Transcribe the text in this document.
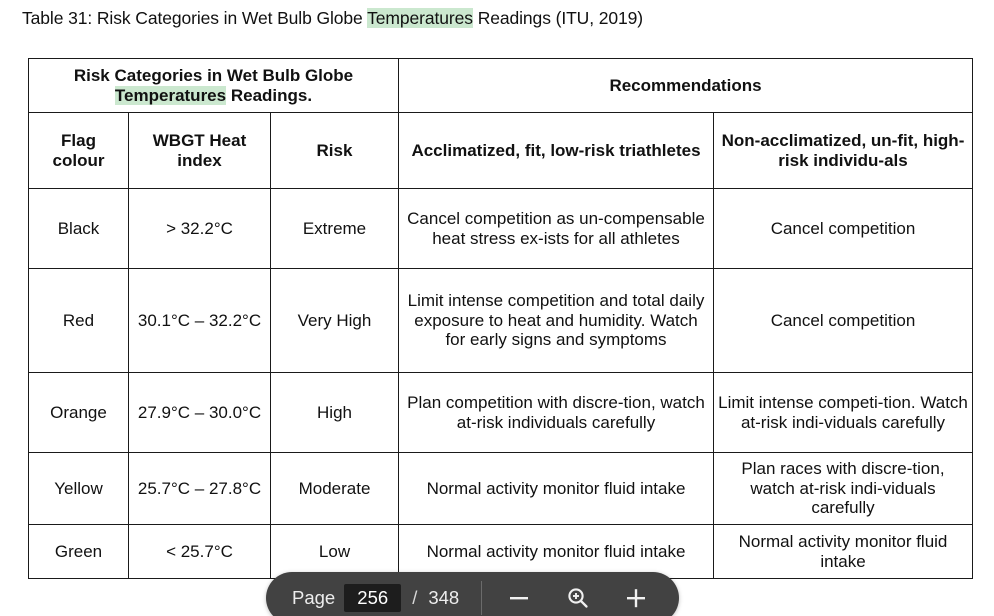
Table 31: Risk Categories in Wet Bulb Globe Temperatures Readings (ITU, 2019)
Risk Categories in Wet Bulb Globe Temperatures Readings.			Recommendations	
Flag colour	WBGT Heat index	Risk	Acclimatized, fit, low-risk triathletes	Non-acclimatized, un-fit, high-risk individu-als
Black	> 32.2°C	Extreme	Cancel competition as un-compensable heat stress ex-ists for all athletes	Cancel competition
Red	30.1°C – 32.2°C	Very High	Limit intense competition and total daily exposure to heat and humidity. Watch for early signs and symptoms	Cancel competition
Orange	27.9°C – 30.0°C	High	Plan competition with discre-tion, watch at-risk individuals carefully	Limit intense competi-tion. Watch at-risk indi-viduals carefully
Yellow	25.7°C – 27.8°C	Moderate	Normal activity monitor fluid intake	Plan races with discre-tion, watch at-risk indi-viduals carefully
Green	< 25.7°C	Low	Normal activity monitor fluid intake	Normal activity monitor fluid intake
Page	256	/ 348
